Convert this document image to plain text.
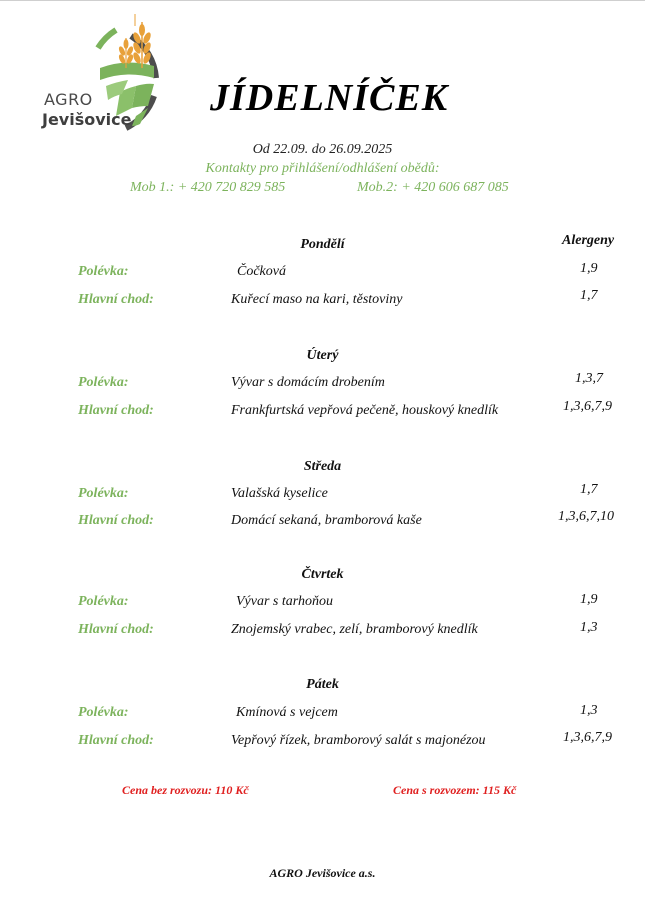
AGRO
Jevišovice
JÍDELNÍČEK
Od 22.09. do 26.09.2025
Kontakty pro přihlášení/odhlášení obědů:
Mob 1.: + 420 720 829 585	Mob.2: + 420 606 687 085
Alergeny
Pondělí
Polévka:	Čočková	1,9
Hlavní chod:	Kuřecí maso na kari, těstoviny	1,7
Úterý
Polévka:	Vývar s domácím drobením	1,3,7
Hlavní chod:	Frankfurtská vepřová pečeně, houskový knedlík	1,3,6,7,9
Středa
Polévka:	Valašská kyselice	1,7
Hlavní chod:	Domácí sekaná, bramborová kaše	1,3,6,7,10
Čtvrtek
Polévka:	Vývar s tarhoňou	1,9
Hlavní chod:	Znojemský vrabec, zelí, bramborový knedlík	1,3
Pátek
Polévka:	Kmínová s vejcem	1,3
Hlavní chod:	Vepřový řízek, bramborový salát s majonézou	1,3,6,7,9
Cena bez rozvozu: 110 Kč	Cena s rozvozem: 115 Kč
AGRO Jevišovice a.s.
